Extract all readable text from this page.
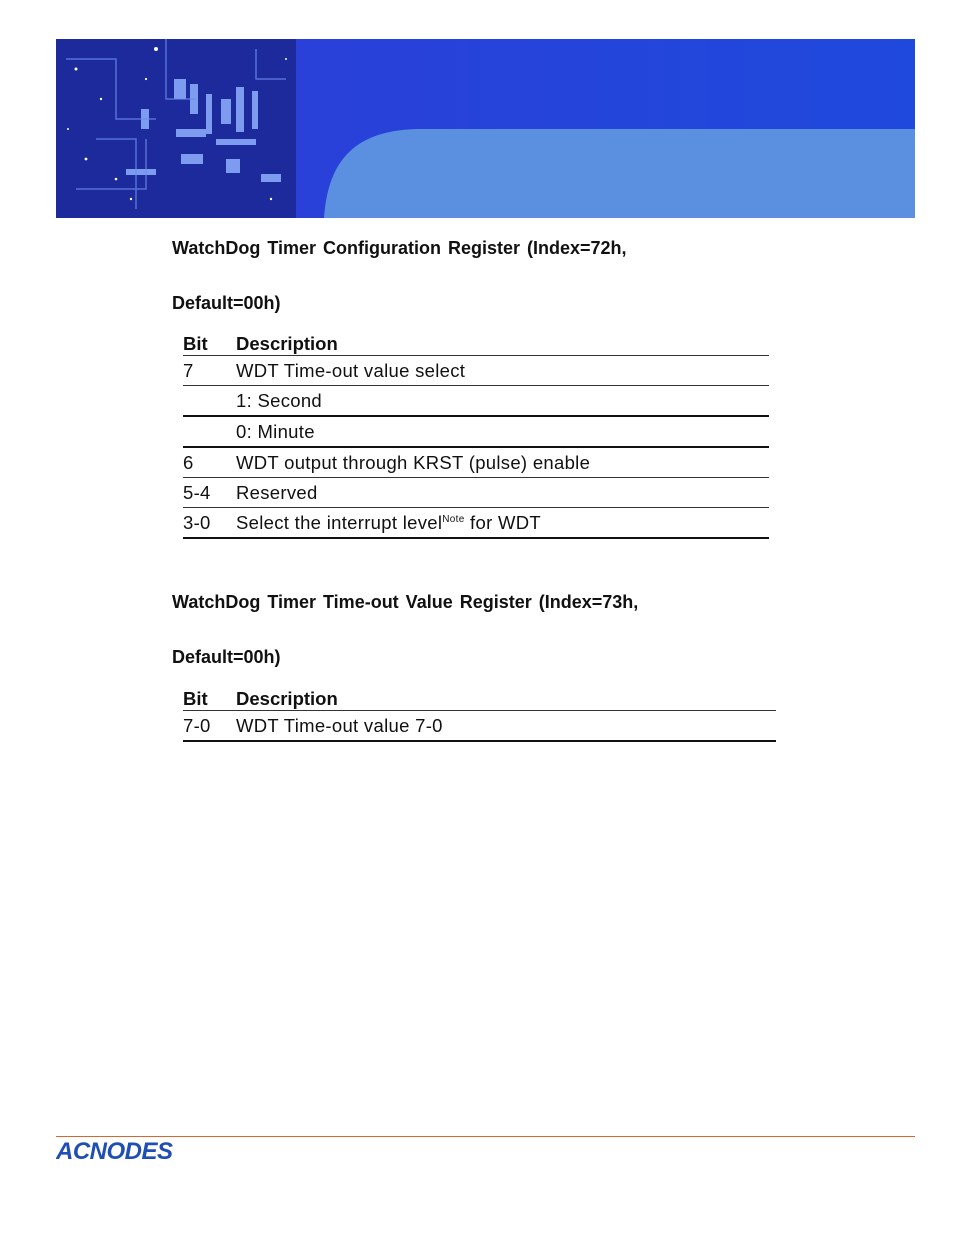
WatchDog Timer Configuration Register (Index=72h,
Default=00h)
Bit	Description
7	WDT Time-out value select
	1: Second
	0: Minute
6	WDT output through KRST (pulse) enable
5-4	Reserved
3-0	Select the interrupt level$^{Note}$ for WDT
WatchDog Timer Time-out Value Register (Index=73h,
Default=00h)
Bit	Description
7-0	WDT Time-out value 7-0
ACNODES
